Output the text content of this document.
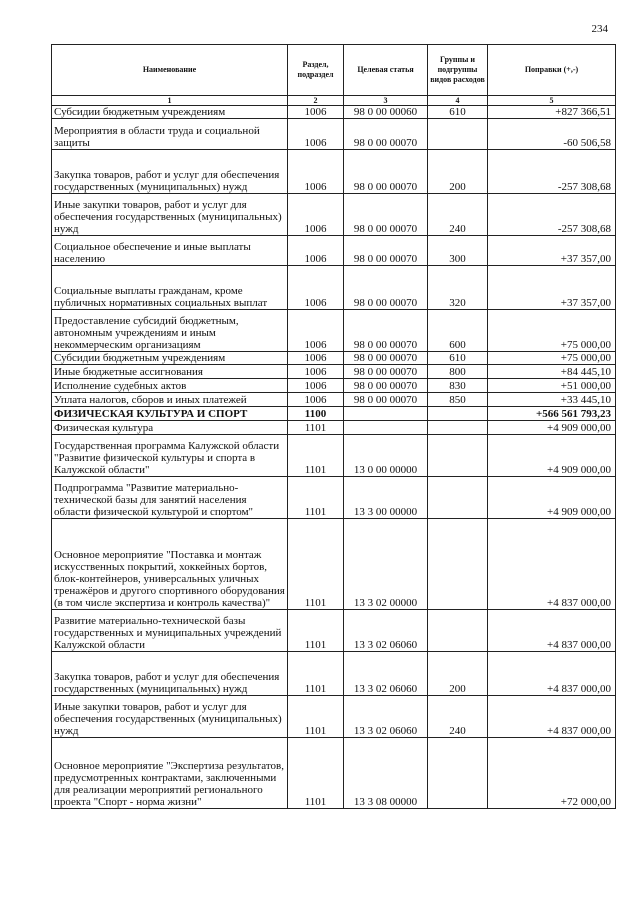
234
Наименование	Раздел, подраздел	Целевая статья	Группы и подгруппы видов расходов	Поправки (+,-)
1	2	3	4	5
Субсидии бюджетным учреждениям	1006	98 0 00 00060	610	+827 366,51
Мероприятия в области труда и социальной защиты	1006	98 0 00 00070		-60 506,58
Закупка товаров, работ и услуг для обеспечения государственных (муниципальных) нужд	1006	98 0 00 00070	200	-257 308,68
Иные закупки товаров, работ и услуг для обеспечения государственных (муниципальных) нужд	1006	98 0 00 00070	240	-257 308,68
Социальное обеспечение и иные выплаты населению	1006	98 0 00 00070	300	+37 357,00
Социальные выплаты гражданам, кроме публичных нормативных социальных выплат	1006	98 0 00 00070	320	+37 357,00
Предоставление субсидий бюджетным, автономным учреждениям и иным некоммерческим организациям	1006	98 0 00 00070	600	+75 000,00
Субсидии бюджетным учреждениям	1006	98 0 00 00070	610	+75 000,00
Иные бюджетные ассигнования	1006	98 0 00 00070	800	+84 445,10
Исполнение судебных актов	1006	98 0 00 00070	830	+51 000,00
Уплата налогов, сборов и иных платежей	1006	98 0 00 00070	850	+33 445,10
ФИЗИЧЕСКАЯ КУЛЬТУРА И СПОРТ	1100			+566 561 793,23
Физическая культура	1101			+4 909 000,00
Государственная программа Калужской области "Развитие физической культуры и спорта в Калужской области"	1101	13 0 00 00000		+4 909 000,00
Подпрограмма "Развитие материально-технической базы для занятий населения области физической культурой и спортом"	1101	13 3 00 00000		+4 909 000,00
Основное мероприятие "Поставка и монтаж искусственных покрытий, хоккейных бортов, блок-контейнеров, универсальных уличных тренажёров и другого спортивного оборудования (в том числе экспертиза и контроль качества)"	1101	13 3 02 00000		+4 837 000,00
Развитие материально-технической базы государственных и муниципальных учреждений Калужской области	1101	13 3 02 06060		+4 837 000,00
Закупка товаров, работ и услуг для обеспечения государственных (муниципальных) нужд	1101	13 3 02 06060	200	+4 837 000,00
Иные закупки товаров, работ и услуг для обеспечения государственных (муниципальных) нужд	1101	13 3 02 06060	240	+4 837 000,00
Основное мероприятие "Экспертиза результатов, предусмотренных контрактами, заключенными для реализации мероприятий регионального проекта "Спорт - норма жизни"	1101	13 3 08 00000		+72 000,00
